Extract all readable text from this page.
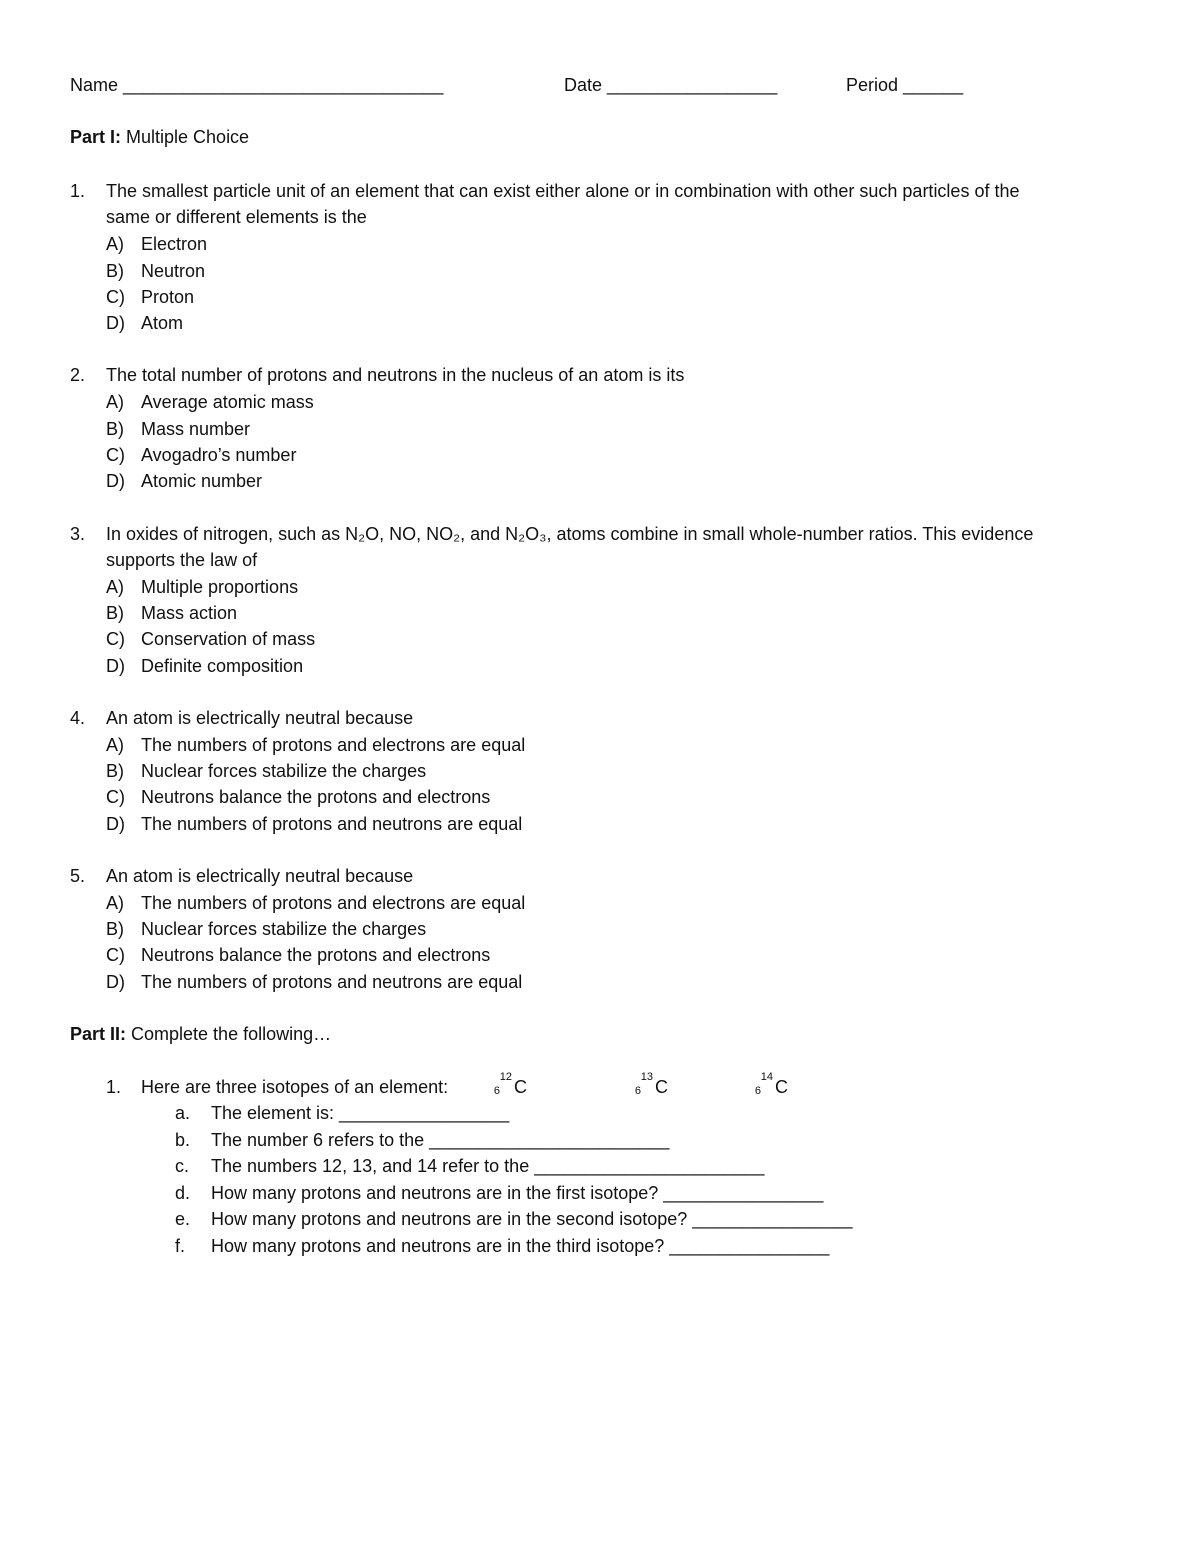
Name ________________________________	Date _________________	Period ______
Part I: Multiple Choice
1. The smallest particle unit of an element that can exist either alone or in combination with other such particles of the
same or different elements is the
A) Electron
B) Neutron
C) Proton
D) Atom
2. The total number of protons and neutrons in the nucleus of an atom is its
A) Average atomic mass
B) Mass number
C) Avogadro’s number
D) Atomic number
3. In oxides of nitrogen, such as N₂O, NO, NO₂, and N₂O₃, atoms combine in small whole-number ratios. This evidence
supports the law of
A) Multiple proportions
B) Mass action
C) Conservation of mass
D) Definite composition
4. An atom is electrically neutral because
A) The numbers of protons and electrons are equal
B) Nuclear forces stabilize the charges
C) Neutrons balance the protons and electrons
D) The numbers of protons and neutrons are equal
5. An atom is electrically neutral because
A) The numbers of protons and electrons are equal
B) Nuclear forces stabilize the charges
C) Neutrons balance the protons and electrons
D) The numbers of protons and neutrons are equal
Part II: Complete the following…
1. Here are three isotopes of an element:	12
6 C	13
6 C	14
6 C
a. The element is: _________________
b. The number 6 refers to the ________________________
c. The numbers 12, 13, and 14 refer to the _______________________
d. How many protons and neutrons are in the first isotope? ________________
e. How many protons and neutrons are in the second isotope? ________________
f. How many protons and neutrons are in the third isotope? ________________
